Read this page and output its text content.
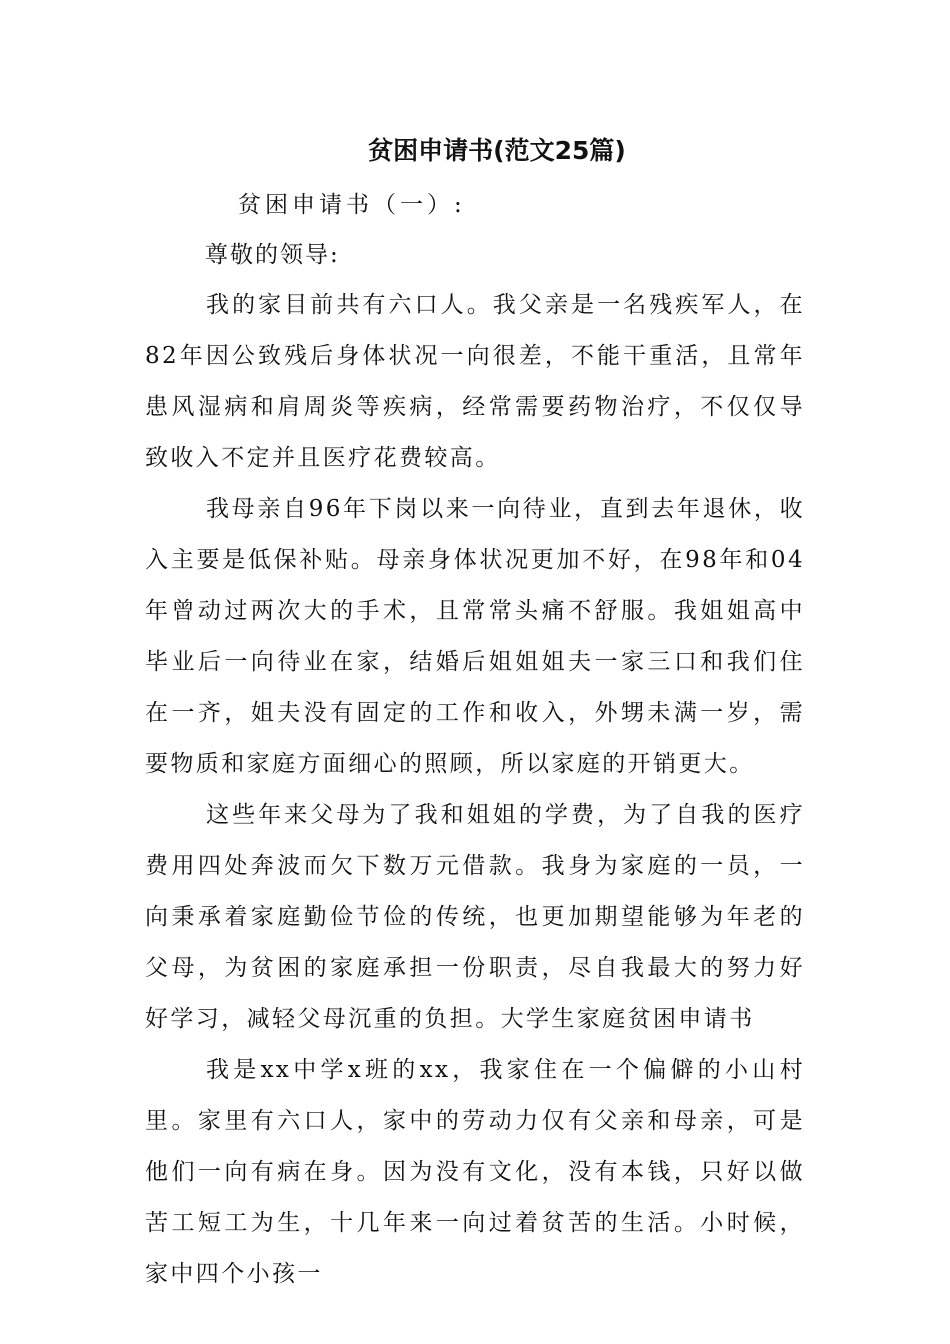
贫困申请书(范文25篇)
贫困申请书（一）:
尊敬的领导:

我的家目前共有六口人。我父亲是一名残疾军人，在82年因公致残后身体状况一向很差，不能干重活，且常年患风湿病和肩周炎等疾病，经常需要药物治疗，不仅仅导致收入不定并且医疗花费较高。

我母亲自96年下岗以来一向待业，直到去年退休，收入主要是低保补贴。母亲身体状况更加不好，在98年和04年曾动过两次大的手术，且常常头痛不舒服。我姐姐高中毕业后一向待业在家，结婚后姐姐姐夫一家三口和我们住在一齐，姐夫没有固定的工作和收入，外甥未满一岁，需要物质和家庭方面细心的照顾，所以家庭的开销更大。

这些年来父母为了我和姐姐的学费，为了自我的医疗费用四处奔波而欠下数万元借款。我身为家庭的一员，一向秉承着家庭勤俭节俭的传统，也更加期望能够为年老的父母，为贫困的家庭承担一份职责，尽自我最大的努力好好学习，减轻父母沉重的负担。大学生家庭贫困申请书

我是xx中学x班的xx，我家住在一个偏僻的小山村里。家里有六口人，家中的劳动力仅有父亲和母亲，可是他们一向有病在身。因为没有文化，没有本钱，只好以做苦工短工为生，十几年来一向过着贫苦的生活。小时候，家中四个小孩一
